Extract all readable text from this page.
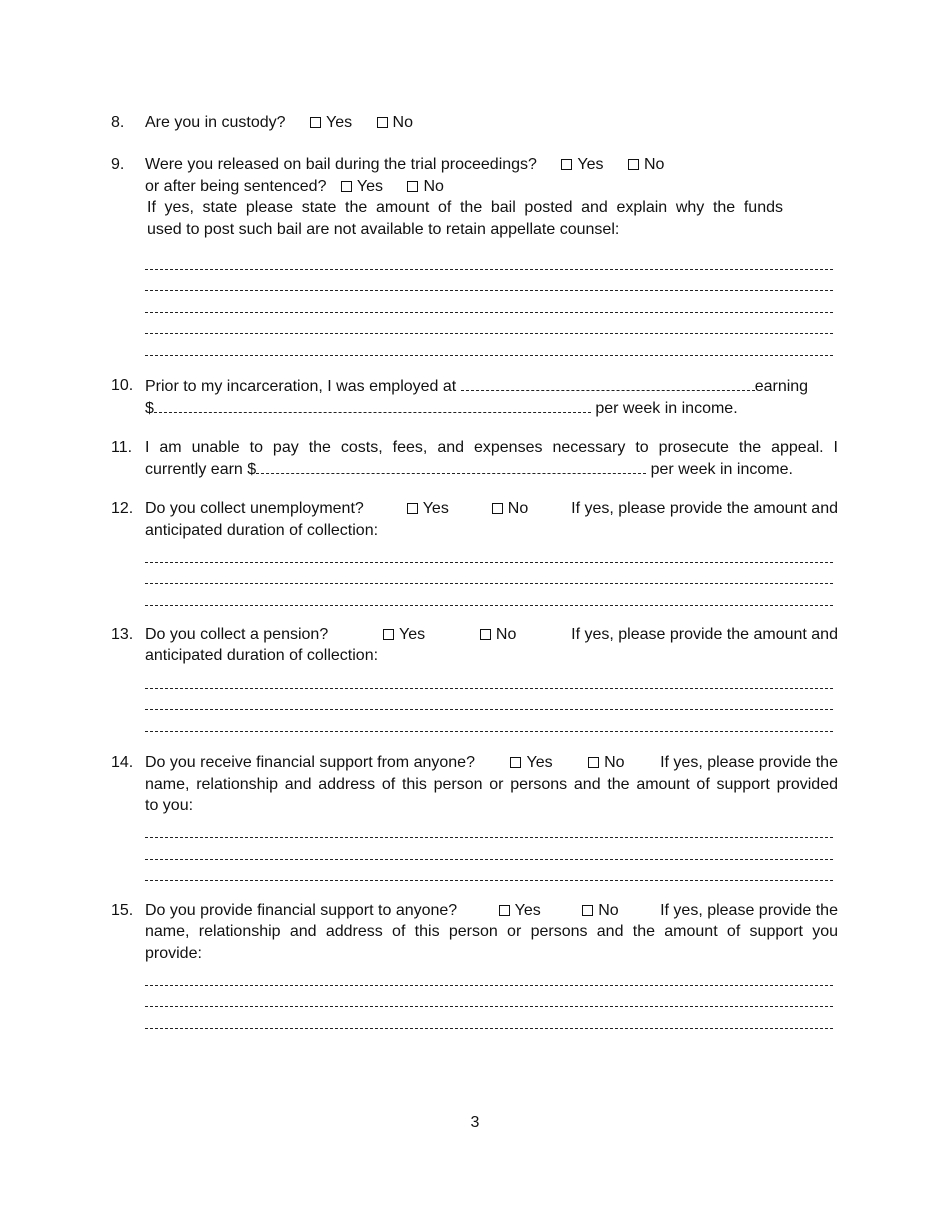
8. Are you in custody?	Yes	No
9. Were you released on bail during the trial proceedings?	Yes	No
or after being sentenced? Yes	No
If yes, state please state the amount of the bail posted and explain why the funds
used to post such bail are not available to retain appellate counsel:
10. Prior to my incarceration, I was employed at	earning
$	per week in income.
11. I am unable to pay the costs, fees, and expenses necessary to prosecute the appeal. I
currently earn $	per week in income.
12. Do you collect unemployment?	Yes	No	If yes, please provide the amount and
anticipated duration of collection:
13. Do you collect a pension?	Yes	No	If yes, please provide the amount and
anticipated duration of collection:
14. Do you receive financial support from anyone?	Yes	No If yes, please provide the
name, relationship and address of this person or persons and the amount of support provided
to you:
15. Do you provide financial support to anyone?	Yes	No	If yes, please provide the
name, relationship and address of this person or persons and the amount of support you
provide:
3
